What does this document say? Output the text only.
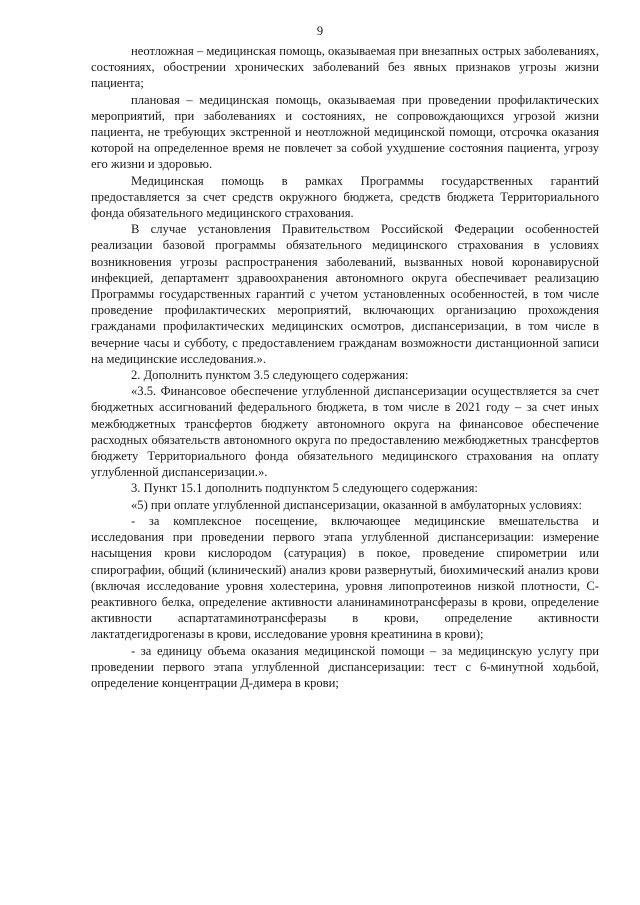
9

неотложная – медицинская помощь, оказываемая при внезапных острых заболеваниях, состояниях, обострении хронических заболеваний без явных признаков угрозы жизни пациента;

плановая – медицинская помощь, оказываемая при проведении профилактических мероприятий, при заболеваниях и состояниях, не сопровождающихся угрозой жизни пациента, не требующих экстренной и неотложной медицинской помощи, отсрочка оказания которой на определенное время не повлечет за собой ухудшение состояния пациента, угрозу его жизни и здоровью.

Медицинская помощь в рамках Программы государственных гарантий предоставляется за счет средств окружного бюджета, средств бюджета Территориального фонда обязательного медицинского страхования.

В случае установления Правительством Российской Федерации особенностей реализации базовой программы обязательного медицинского страхования в условиях возникновения угрозы распространения заболеваний, вызванных новой коронавирусной инфекцией, департамент здравоохранения автономного округа обеспечивает реализацию Программы государственных гарантий с учетом установленных особенностей, в том числе проведение профилактических мероприятий, включающих организацию прохождения гражданами профилактических медицинских осмотров, диспансеризации, в том числе в вечерние часы и субботу, с предоставлением гражданам возможности дистанционной записи на медицинские исследования.».

2. Дополнить пунктом 3.5 следующего содержания:

«3.5. Финансовое обеспечение углубленной диспансеризации осуществляется за счет бюджетных ассигнований федерального бюджета, в том числе в 2021 году – за счет иных межбюджетных трансфертов бюджету автономного округа на финансовое обеспечение расходных обязательств автономного округа по предоставлению межбюджетных трансфертов бюджету Территориального фонда обязательного медицинского страхования на оплату углубленной диспансеризации.».

3. Пункт 15.1 дополнить подпунктом 5 следующего содержания:

«5) при оплате углубленной диспансеризации, оказанной в амбулаторных условиях:

- за комплексное посещение, включающее медицинские вмешательства и исследования при проведении первого этапа углубленной диспансеризации: измерение насыщения крови кислородом (сатурация) в покое, проведение спирометрии или спирографии, общий (клинический) анализ крови развернутый, биохимический анализ крови (включая исследование уровня холестерина, уровня липопротеинов низкой плотности, С-реактивного белка, определение активности аланинаминотрансферазы в крови, определение активности аспартатаминотрансферазы в крови, определение активности лактатдегидрогеназы в крови, исследование уровня креатинина в крови);

- за единицу объема оказания медицинской помощи – за медицинскую услугу при проведении первого этапа углубленной диспансеризации: тест с 6-минутной ходьбой, определение концентрации Д-димера в крови;
